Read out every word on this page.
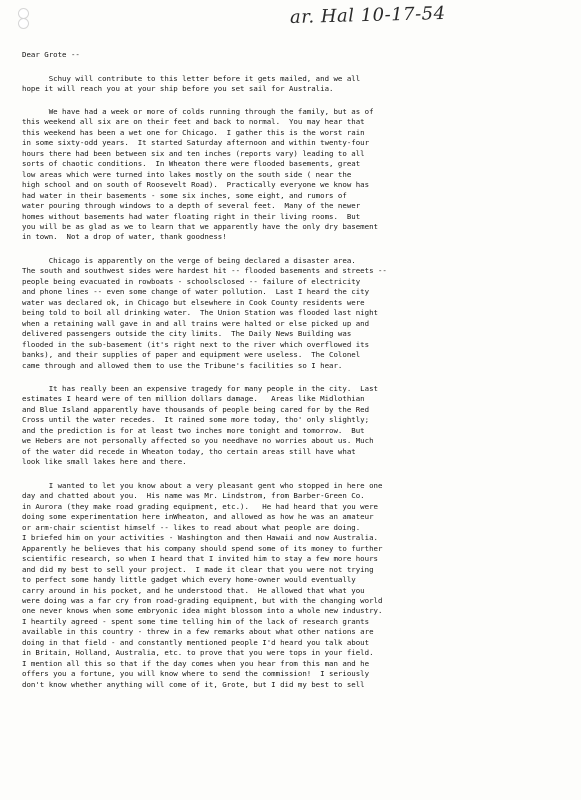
ar. Hal 10-17-54
Dear Grote --

Schuy will contribute to this letter before it gets mailed, and we all
hope it will reach you at your ship before you set sail for Australia.

We have had a week or more of colds running through the family, but as of
this weekend all six are on their feet and back to normal.  You may hear that
this weekend has been a wet one for Chicago.  I gather this is the worst rain
in some sixty-odd years.  It started Saturday afternoon and within twenty-four
hours there had been between six and ten inches (reports vary) leading to all
sorts of chaotic conditions.  In Wheaton there were flooded basements, great
low areas which were turned into lakes mostly on the south side ( near the
high school and on south of Roosevelt Road).  Practically everyone we know has
had water in their basements - some six inches, some eight, and rumors of
water pouring through windows to a depth of several feet.  Many of the newer
homes without basements had water floating right in their living rooms.  But
you will be as glad as we to learn that we apparently have the only dry basement
in town.  Not a drop of water, thank goodness!

Chicago is apparently on the verge of being declared a disaster area.
The south and southwest sides were hardest hit -- flooded basements and streets --
people being evacuated in rowboats - schoolsclosed -- failure of electricity
and phone lines -- even some change of water pollution.  Last I heard the city
water was declared ok, in Chicago but elsewhere in Cook County residents were
being told to boil all drinking water.  The Union Station was flooded last night
when a retaining wall gave in and all trains were halted or else picked up and
delivered passengers outside the city limits.  The Daily News Building was
flooded in the sub-basement (it's right next to the river which overflowed its
banks), and their supplies of paper and equipment were useless.  The Colonel
came through and allowed them to use the Tribune's facilities so I hear.

It has really been an expensive tragedy for many people in the city.  Last
estimates I heard were of ten million dollars damage.   Areas like Midlothian
and Blue Island apparently have thousands of people being cared for by the Red
Cross until the water recedes.  It rained some more today, tho' only slightly;
and the prediction is for at least two inches more tonight and tomorrow.  But
we Hebers are not personally affected so you needhave no worries about us. Much
of the water did recede in Wheaton today, tho certain areas still have what
look like small lakes here and there.

I wanted to let you know about a very pleasant gent who stopped in here one
day and chatted about you.  His name was Mr. Lindstrom, from Barber-Green Co.
in Aurora (they make road grading equipment, etc.).   He had heard that you were
doing some experimentation here inWheaton, and allowed as how he was an amateur
or arm-chair scientist himself -- likes to read about what people are doing.
I briefed him on your activities - Washington and then Hawaii and now Australia.
Apparently he believes that his company should spend some of its money to further
scientific research, so when I heard that I invited him to stay a few more hours
and did my best to sell your project.  I made it clear that you were not trying
to perfect some handy little gadget which every home-owner would eventually
carry around in his pocket, and he understood that.  He allowed that what you
were doing was a far cry from road-grading equipment, but with the changing world
one never knows when some embryonic idea might blossom into a whole new industry.
I heartily agreed - spent some time telling him of the lack of research grants
available in this country - threw in a few remarks about what other nations are
doing in that field - and constantly mentioned people I'd heard you talk about
in Britain, Holland, Australia, etc. to prove that you were tops in your field.
I mention all this so that if the day comes when you hear from this man and he
offers you a fortune, you will know where to send the commission!  I seriously
don't know whether anything will come of it, Grote, but I did my best to sell
